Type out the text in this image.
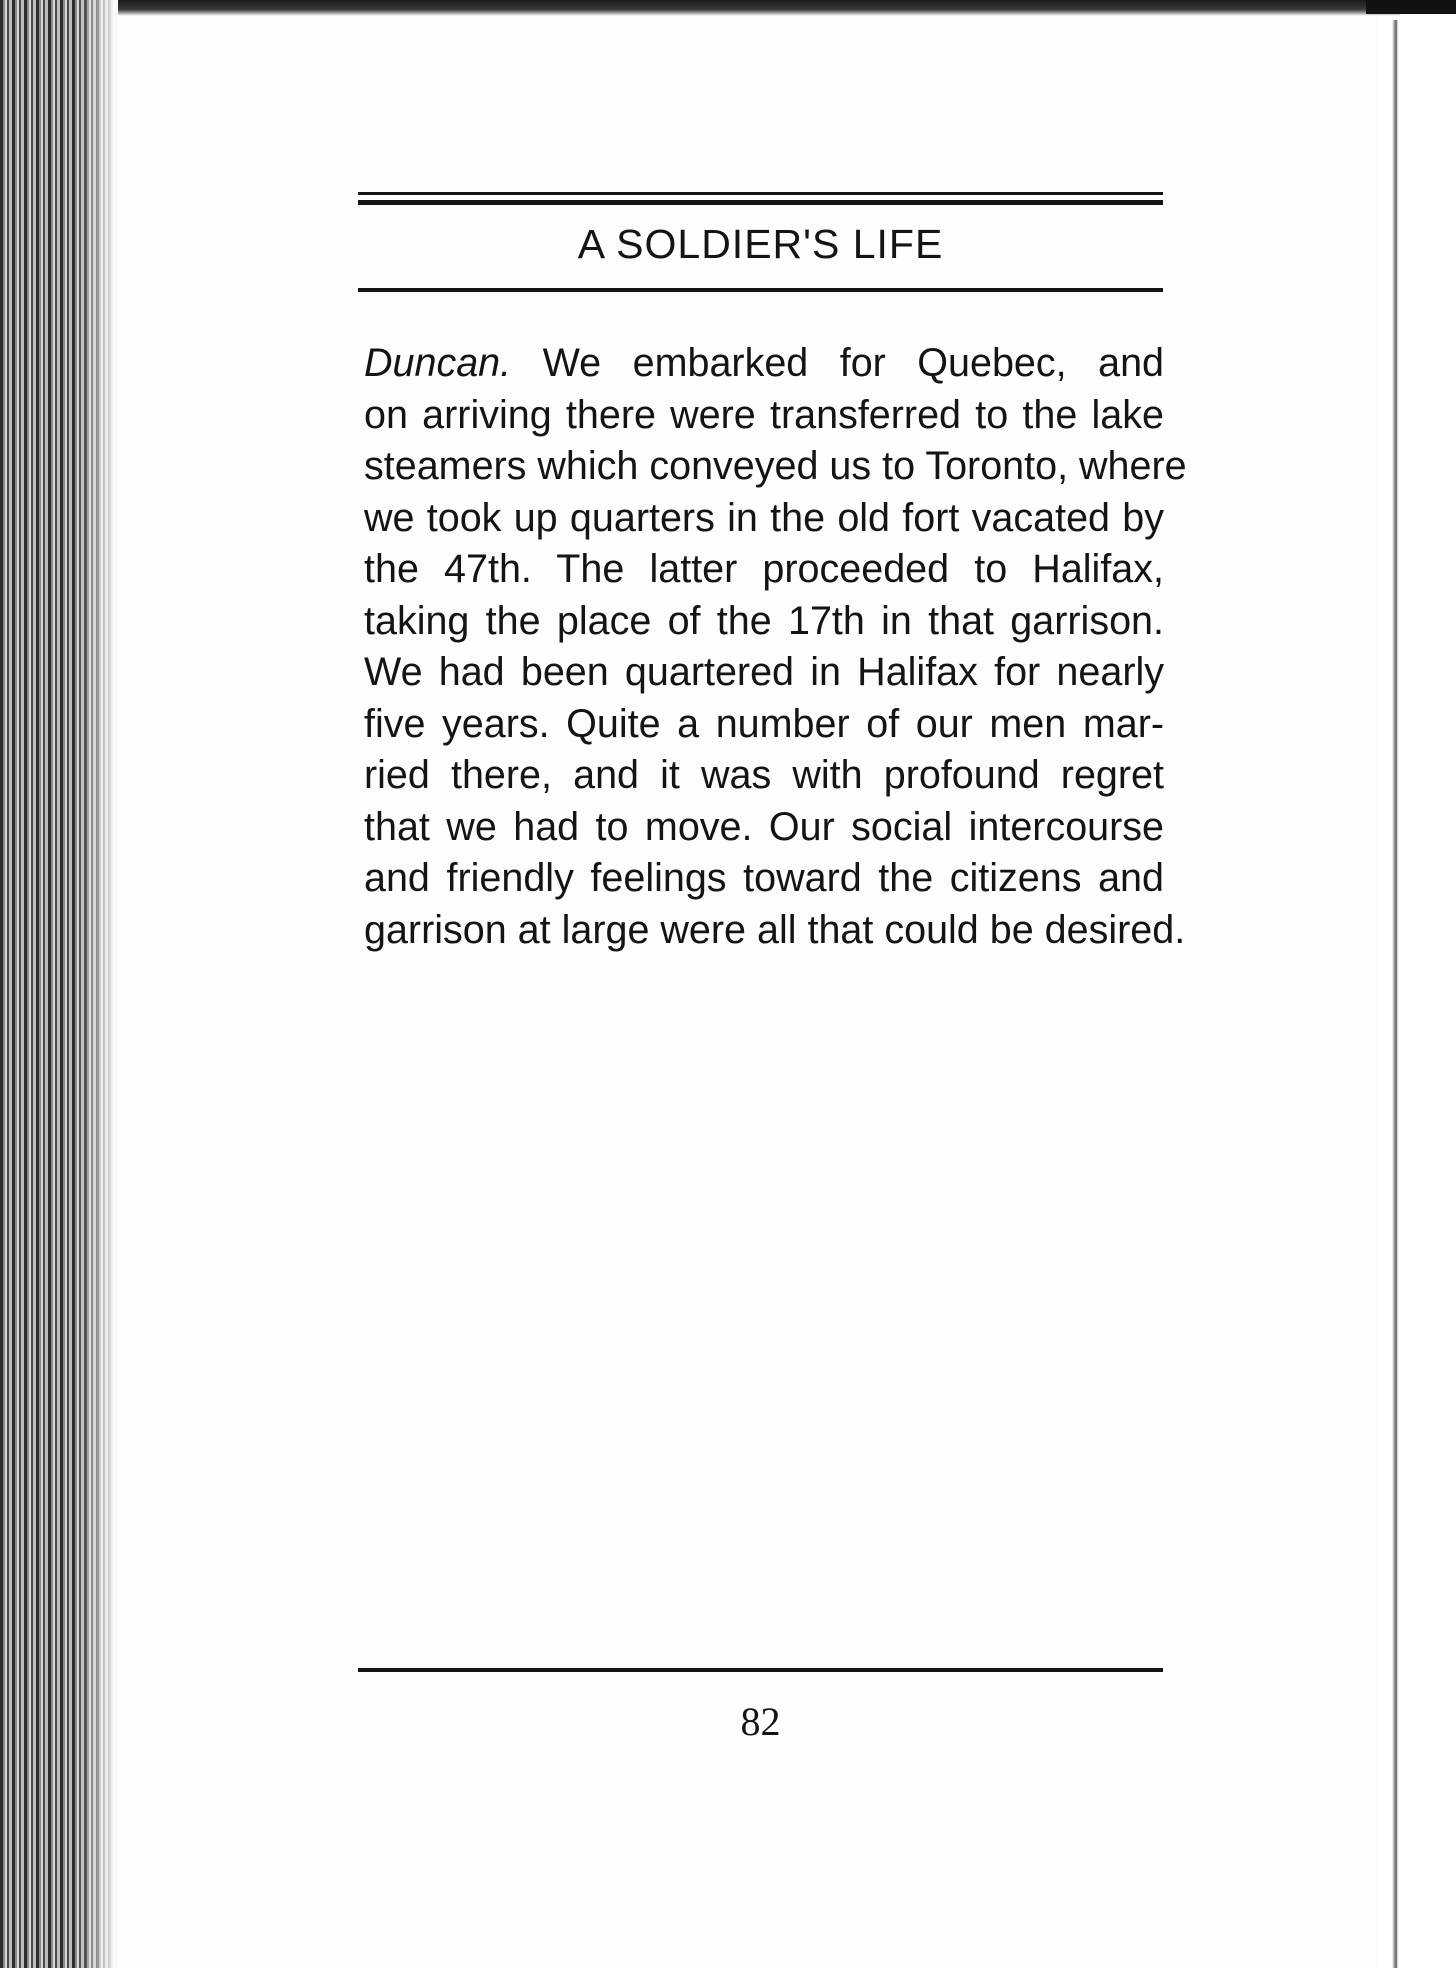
A SOLDIER'S LIFE
Duncan. We embarked for Quebec, and
on arriving there were transferred to the lake
steamers which conveyed us to Toronto, where
we took up quarters in the old fort vacated by
the 47th. The latter proceeded to Halifax,
taking the place of the 17th in that garrison.
We had been quartered in Halifax for nearly
five years. Quite a number of our men mar-
ried there, and it was with profound regret
that we had to move. Our social intercourse
and friendly feelings toward the citizens and
garrison at large were all that could be desired.
82
